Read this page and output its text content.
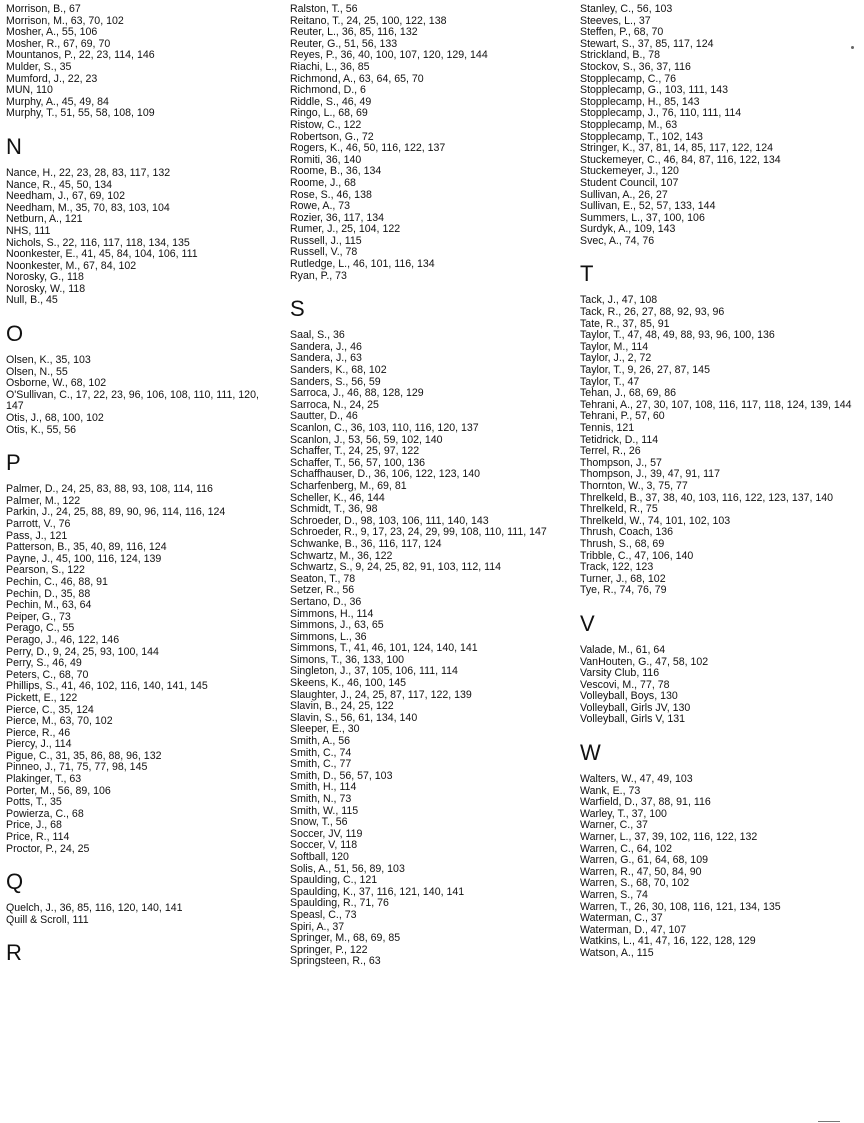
Morrison, B., 67
Morrison, M., 63, 70, 102
Mosher, A., 55, 106
Mosher, R., 67, 69, 70
Mountanos, P., 22, 23, 114, 146
Mulder, S., 35
Mumford, J., 22, 23
MUN, 110
Murphy, A., 45, 49, 84
Murphy, T., 51, 55, 58, 108, 109
N
Nance, H., 22, 23, 28, 83, 117, 132
Nance, R., 45, 50, 134
Needham, J., 67, 69, 102
Needham, M., 35, 70, 83, 103, 104
Netburn, A., 121
NHS, 111
Nichols, S., 22, 116, 117, 118, 134, 135
Noonkester, E., 41, 45, 84, 104, 106, 111
Noonkester, M., 67, 84, 102
Norosky, G., 118
Norosky, W., 118
Null, B., 45
O
Olsen, K., 35, 103
Olsen, N., 55
Osborne, W., 68, 102
O'Sullivan, C., 17, 22, 23, 96, 106, 108, 110, 111, 120, 147
Otis, J., 68, 100, 102
Otis, K., 55, 56
P
Palmer, D., 24, 25, 83, 88, 93, 108, 114, 116
Palmer, M., 122
Parkin, J., 24, 25, 88, 89, 90, 96, 114, 116, 124
Parrott, V., 76
Pass, J., 121
Patterson, B., 35, 40, 89, 116, 124
Payne, J., 45, 100, 116, 124, 139
Pearson, S., 122
Pechin, C., 46, 88, 91
Pechin, D., 35, 88
Pechin, M., 63, 64
Peiper, G., 73
Perago, C., 55
Perago, J., 46, 122, 146
Perry, D., 9, 24, 25, 93, 100, 144
Perry, S., 46, 49
Peters, C., 68, 70
Phillips, S., 41, 46, 102, 116, 140, 141, 145
Pickett, E., 122
Pierce, C., 35, 124
Pierce, M., 63, 70, 102
Pierce, R., 46
Piercy, J., 114
Pigue, C., 31, 35, 86, 88, 96, 132
Pinneo, J., 71, 75, 77, 98, 145
Plakinger, T., 63
Porter, M., 56, 89, 106
Potts, T., 35
Powierza, C., 68
Price, J., 68
Price, R., 114
Proctor, P., 24, 25
Q
Quelch, J., 36, 85, 116, 120, 140, 141
Quill & Scroll, 111
R
Ralston, T., 56
Reitano, T., 24, 25, 100, 122, 138
Reuter, L., 36, 85, 116, 132
Reuter, G., 51, 56, 133
Reyes, P., 36, 40, 100, 107, 120, 129, 144
Riachi, L., 36, 85
Richmond, A., 63, 64, 65, 70
Richmond, D., 6
Riddle, S., 46, 49
Ringo, L., 68, 69
Ristow, C., 122
Robertson, G., 72
Rogers, K., 46, 50, 116, 122, 137
Romiti, 36, 140
Roome, B., 36, 134
Roome, J., 68
Rose, S., 46, 138
Rowe, A., 73
Rozier, 36, 117, 134
Rumer, J., 25, 104, 122
Russell, J., 115
Russell, V., 78
Rutledge, L., 46, 101, 116, 134
Ryan, P., 73
S
Saal, S., 36
Sandera, J., 46
Sandera, J., 63
Sanders, K., 68, 102
Sanders, S., 56, 59
Sarroca, J., 46, 88, 128, 129
Sarroca, N., 24, 25
Sautter, D., 46
Scanlon, C., 36, 103, 110, 116, 120, 137
Scanlon, J., 53, 56, 59, 102, 140
Schaffer, T., 24, 25, 97, 122
Schaffer, T., 56, 57, 100, 136
Schaffhauser, D., 36, 106, 122, 123, 140
Scharfenberg, M., 69, 81
Scheller, K., 46, 144
Schmidt, T., 36, 98
Schroeder, D., 98, 103, 106, 111, 140, 143
Schroeder, R., 9, 17, 23, 24, 29, 99, 108, 110, 111, 147
Schwanke, B., 36, 116, 117, 124
Schwartz, M., 36, 122
Schwartz, S., 9, 24, 25, 82, 91, 103, 112, 114
Seaton, T., 78
Setzer, R., 56
Sertano, D., 36
Simmons, H., 114
Simmons, J., 63, 65
Simmons, L., 36
Simmons, T., 41, 46, 101, 124, 140, 141
Simons, T., 36, 133, 100
Singleton, J., 37, 105, 106, 111, 114
Skeens, K., 46, 100, 145
Slaughter, J., 24, 25, 87, 117, 122, 139
Slavin, B., 24, 25, 122
Slavin, S., 56, 61, 134, 140
Sleeper, E., 30
Smith, A., 56
Smith, C., 74
Smith, C., 77
Smith, D., 56, 57, 103
Smith, H., 114
Smith, N., 73
Smith, W., 115
Snow, T., 56
Soccer, JV, 119
Soccer, V, 118
Softball, 120
Solis, A., 51, 56, 89, 103
Spaulding, C., 121
Spaulding, K., 37, 116, 121, 140, 141
Spaulding, R., 71, 76
Speasl, C., 73
Spiri, A., 37
Springer, M., 68, 69, 85
Springer, P., 122
Springsteen, R., 63
Stanley, C., 56, 103
Steeves, L., 37
Steffen, P., 68, 70
Stewart, S., 37, 85, 117, 124
Strickland, B., 78
Stockov, S., 36, 37, 116
Stopplecamp, C., 76
Stopplecamp, G., 103, 111, 143
Stopplecamp, H., 85, 143
Stopplecamp, J., 76, 110, 111, 114
Stopplecamp, M., 63
Stopplecamp, T., 102, 143
Stringer, K., 37, 81, 14, 85, 117, 122, 124
Stuckemeyer, C., 46, 84, 87, 116, 122, 134
Stuckemeyer, J., 120
Student Council, 107
Sullivan, A., 26, 27
Sullivan, E., 52, 57, 133, 144
Summers, L., 37, 100, 106
Surdyk, A., 109, 143
Svec, A., 74, 76
T
Tack, J., 47, 108
Tack, R., 26, 27, 88, 92, 93, 96
Tate, R., 37, 85, 91
Taylor, T., 47, 48, 49, 88, 93, 96, 100, 136
Taylor, M., 114
Taylor, J., 2, 72
Taylor, T., 9, 26, 27, 87, 145
Taylor, T., 47
Tehan, J., 68, 69, 86
Tehrani, A., 27, 30, 107, 108, 116, 117, 118, 124, 139, 144
Tehrani, P., 57, 60
Tennis, 121
Tetidrick, D., 114
Terrel, R., 26
Thompson, J., 57
Thompson, J., 39, 47, 91, 117
Thornton, W., 3, 75, 77
Threlkeld, B., 37, 38, 40, 103, 116, 122, 123, 137, 140
Threlkeld, R., 75
Threlkeld, W., 74, 101, 102, 103
Thrush, Coach, 136
Thrush, S., 68, 69
Tribble, C., 47, 106, 140
Track, 122, 123
Turner, J., 68, 102
Tye, R., 74, 76, 79
V
Valade, M., 61, 64
VanHouten, G., 47, 58, 102
Varsity Club, 116
Vescovi, M., 77, 78
Volleyball, Boys, 130
Volleyball, Girls JV, 130
Volleyball, Girls V, 131
W
Walters, W., 47, 49, 103
Wank, E., 73
Warfield, D., 37, 88, 91, 116
Warley, T., 37, 100
Warner, C., 37
Warner, L., 37, 39, 102, 116, 122, 132
Warren, C., 64, 102
Warren, G., 61, 64, 68, 109
Warren, R., 47, 50, 84, 90
Warren, S., 68, 70, 102
Warren, S., 74
Warren, T., 26, 30, 108, 116, 121, 134, 135
Waterman, C., 37
Waterman, D., 47, 107
Watkins, L., 41, 47, 16, 122, 128, 129
Watson, A., 115
